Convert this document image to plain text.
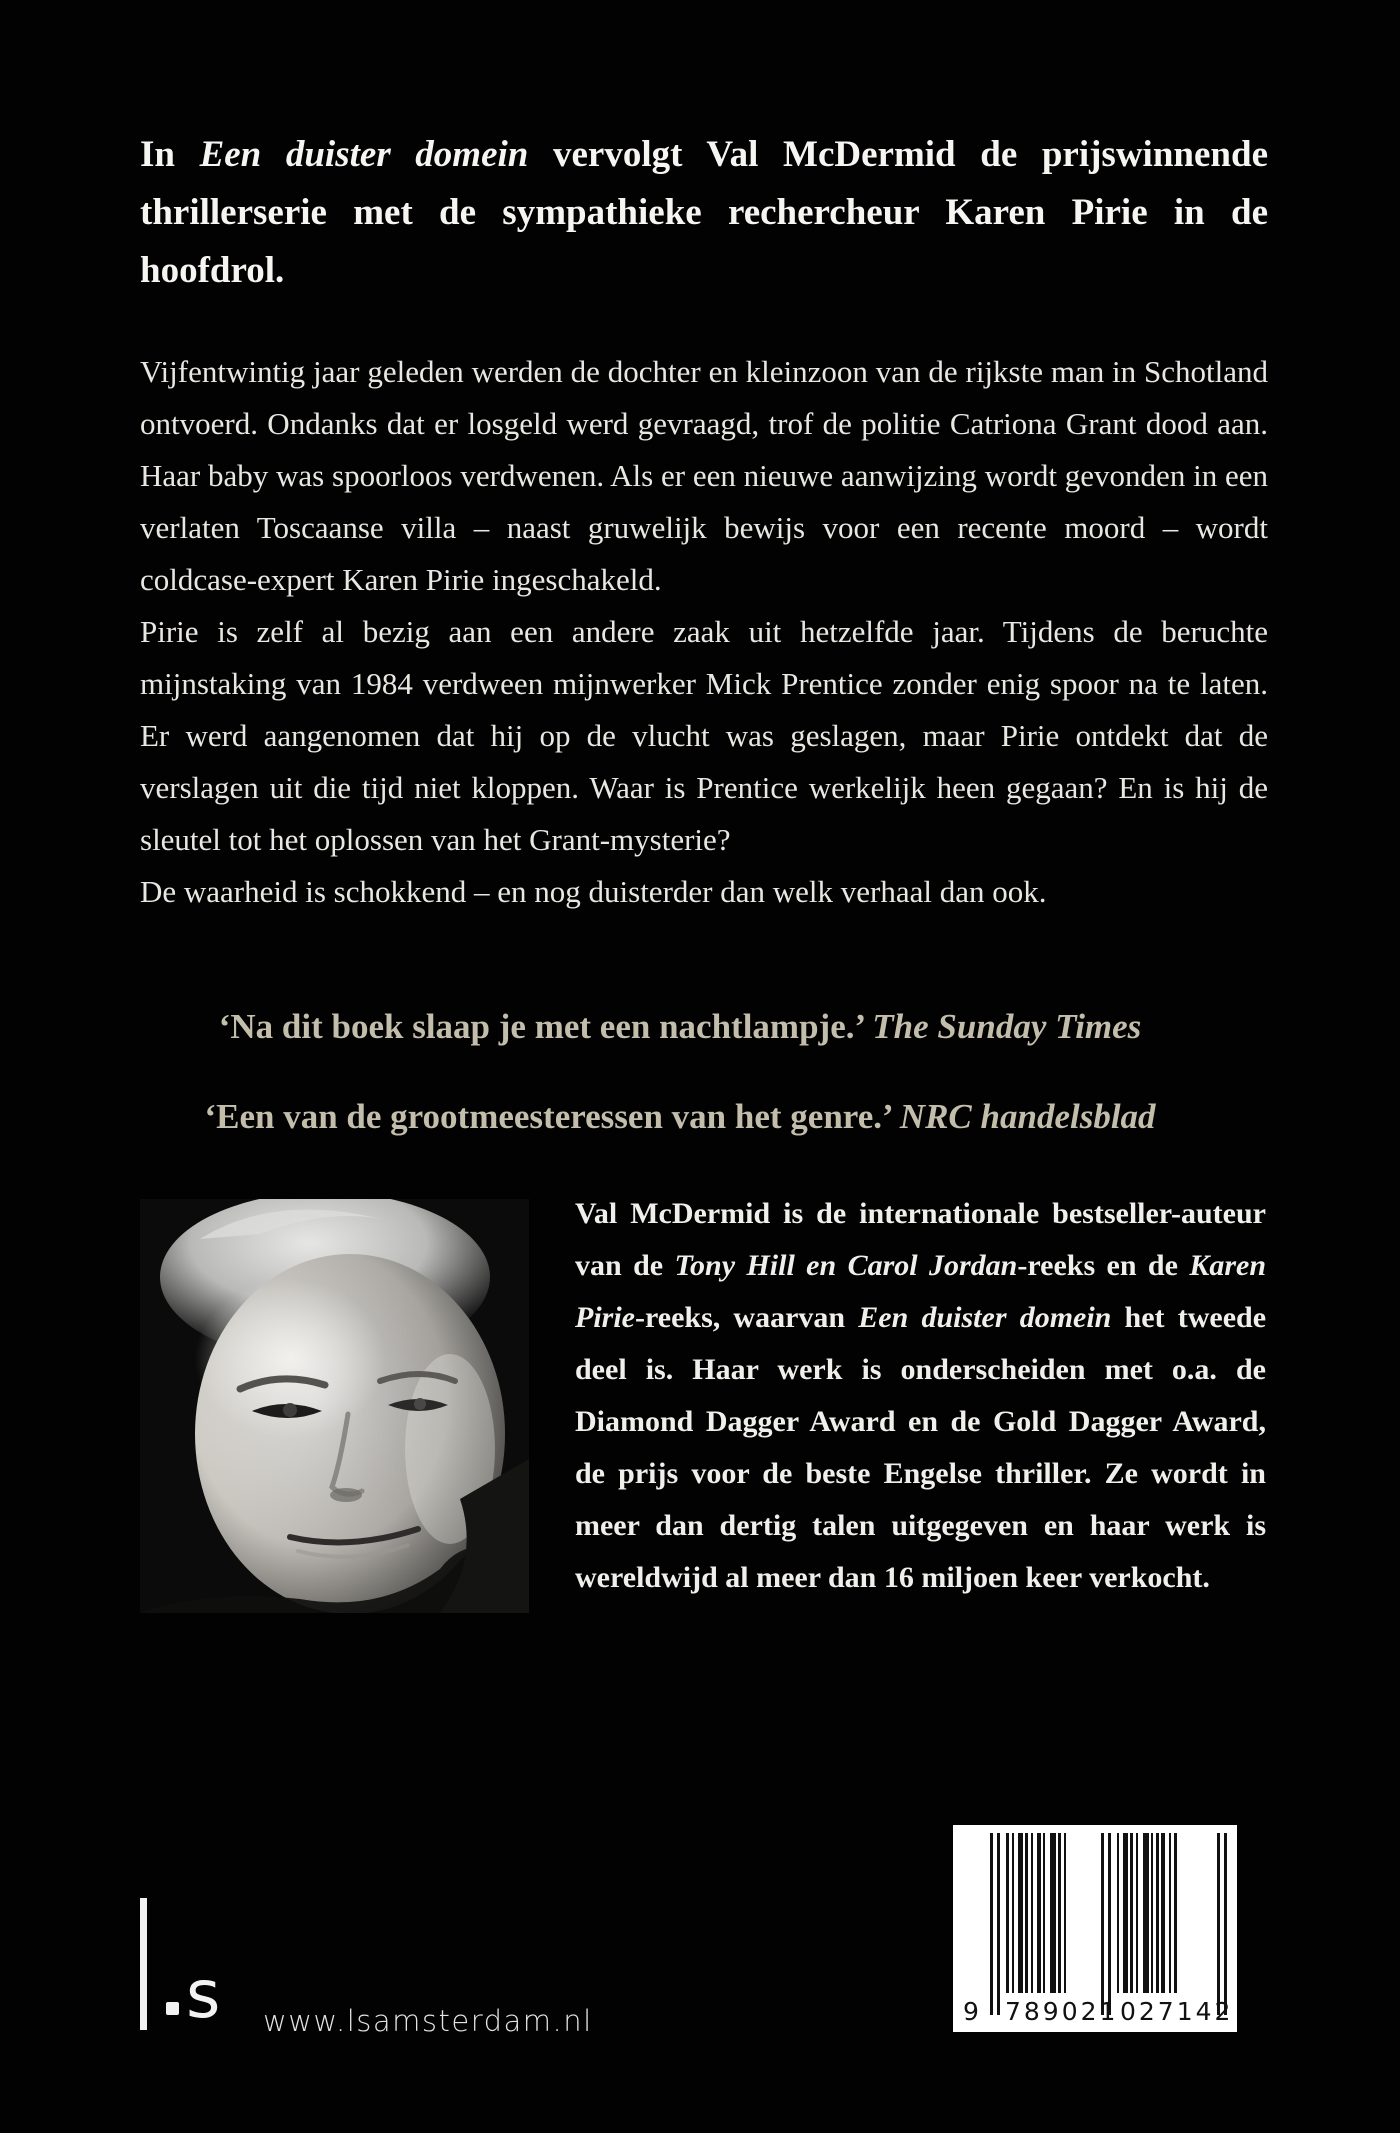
In Een duister domein vervolgt Val McDermid de prijswinnende thrillerserie met de sympathieke rechercheur Karen Pirie in de hoofdrol.

Vijfentwintig jaar geleden werden de dochter en kleinzoon van de rijkste man in Schotland ontvoerd. Ondanks dat er losgeld werd gevraagd, trof de politie Catriona Grant dood aan. Haar baby was spoorloos verdwenen. Als er een nieuwe aanwijzing wordt gevonden in een verlaten Toscaanse villa – naast gruwelijk bewijs voor een recente moord – wordt coldcase-expert Karen Pirie ingeschakeld.

Pirie is zelf al bezig aan een andere zaak uit hetzelfde jaar. Tijdens de beruchte mijnstaking van 1984 verdween mijnwerker Mick Prentice zonder enig spoor na te laten. Er werd aangenomen dat hij op de vlucht was geslagen, maar Pirie ontdekt dat de verslagen uit die tijd niet kloppen. Waar is Prentice werkelijk heen gegaan? En is hij de sleutel tot het oplossen van het Grant-mysterie?

De waarheid is schokkend – en nog duisterder dan welk verhaal dan ook.

‘Na dit boek slaap je met een nachtlampje.’ The Sunday Times
‘Een van de grootmeesteressen van het genre.’ NRC handelsblad
Val McDermid is de internationale bestseller-auteur van de Tony Hill en Carol Jordan-reeks en de Karen Pirie-reeks, waarvan Een duister domein het tweede deel is. Haar werk is onderscheiden met o.a. de Diamond Dagger Award en de Gold Dagger Award, de prijs voor de beste Engelse thriller. Ze wordt in meer dan dertig talen uitgegeven en haar werk is wereldwijd al meer dan 16 miljoen keer verkocht.
s www.lsamsterdam.nl	9 789021 027142
